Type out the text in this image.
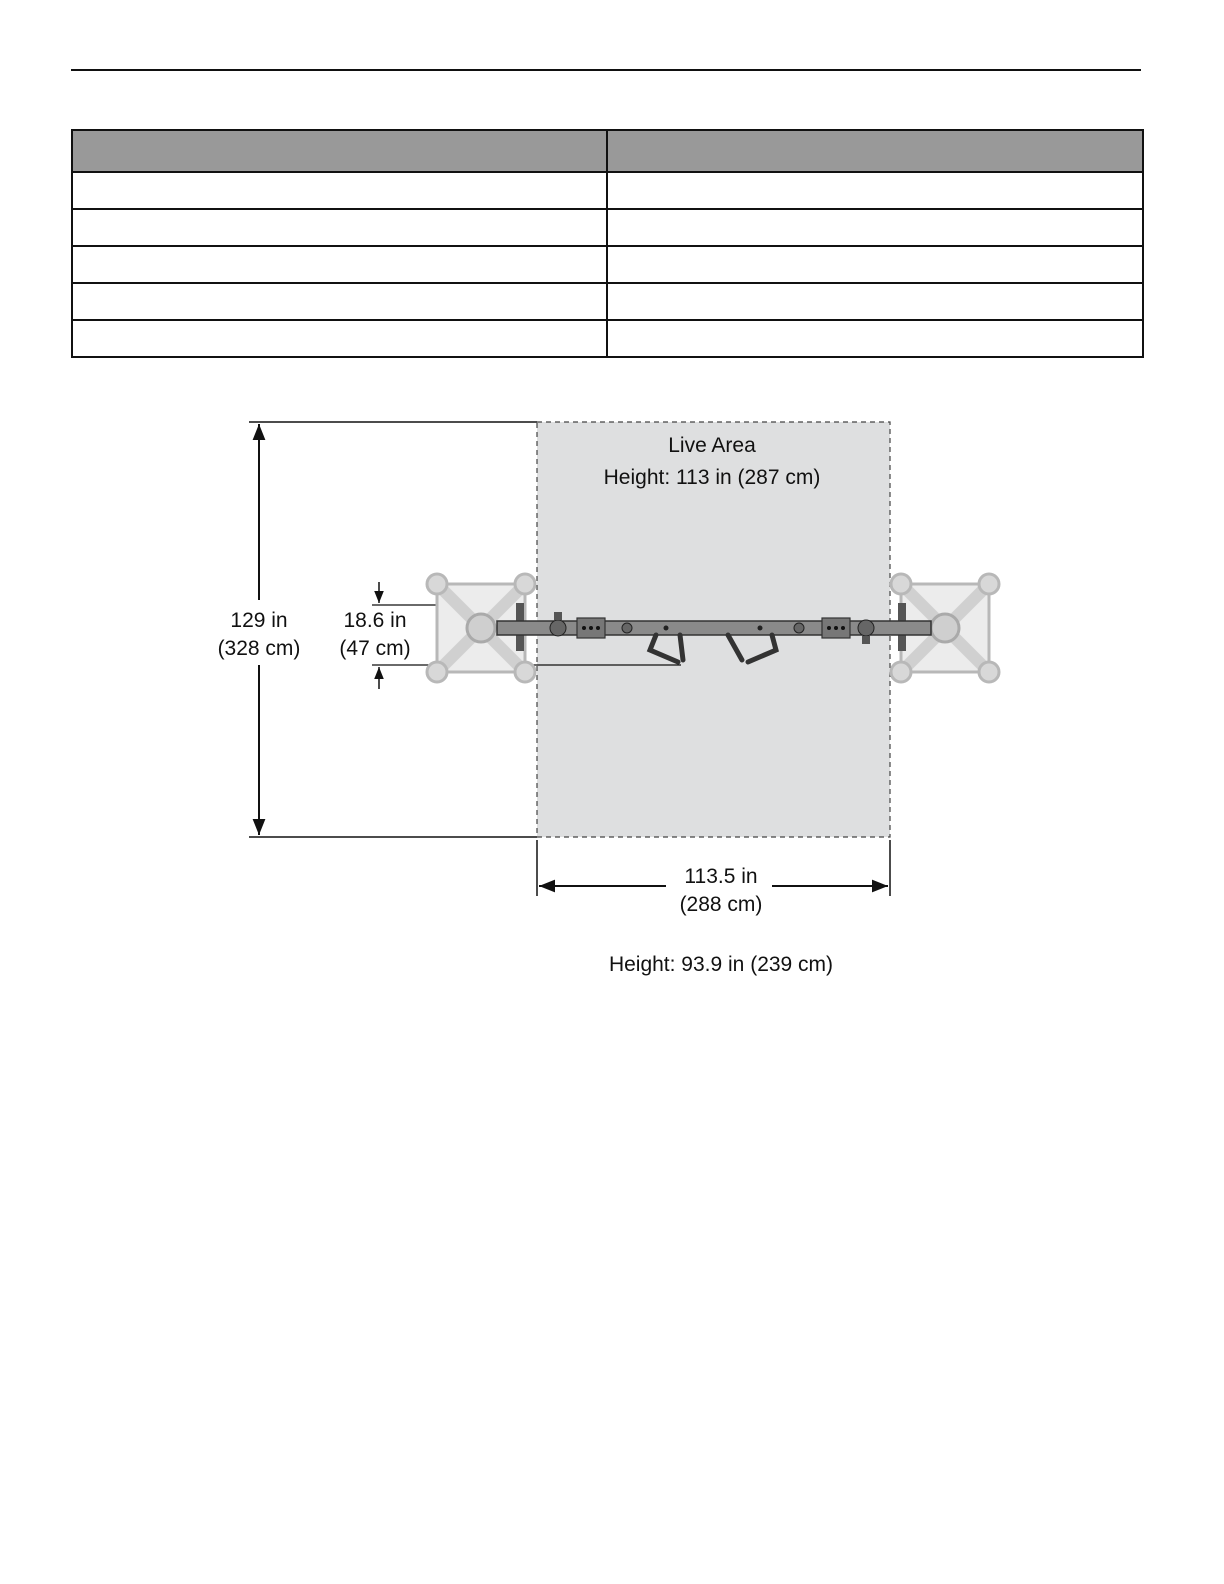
Live Area
Height: 113 in (287 cm)
129 in
(328 cm)
18.6 in
(47 cm)
113.5 in
(288 cm)
Height: 93.9 in (239 cm)
